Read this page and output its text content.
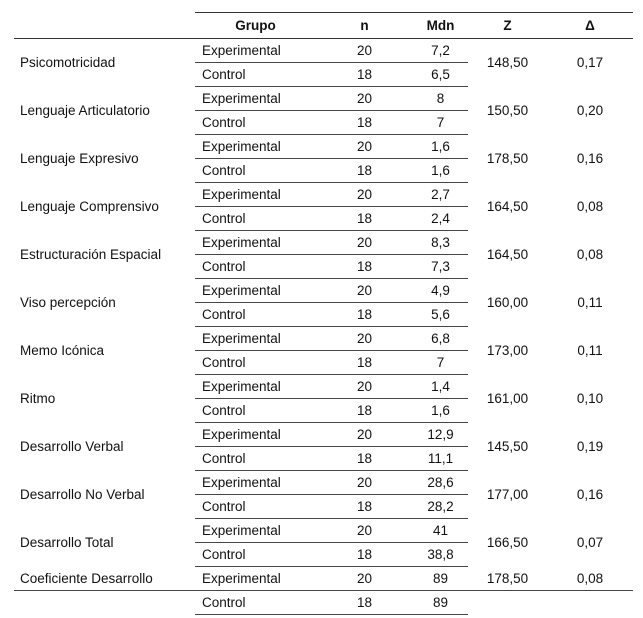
	Grupo	n	Mdn	Z	Δ
Psicomotricidad	Experimental	20	7,2	148,50	0,17
	Control	18	6,5		
Lenguaje Articulatorio	Experimental	20	8	150,50	0,20
	Control	18	7		
Lenguaje Expresivo	Experimental	20	1,6	178,50	0,16
	Control	18	1,6		
Lenguaje Comprensivo	Experimental	20	2,7	164,50	0,08
	Control	18	2,4		
Estructuración Espacial	Experimental	20	8,3	164,50	0,08
	Control	18	7,3		
Viso percepción	Experimental	20	4,9	160,00	0,11
	Control	18	5,6		
Memo Icónica	Experimental	20	6,8	173,00	0,11
	Control	18	7		
Ritmo	Experimental	20	1,4	161,00	0,10
	Control	18	1,6		
Desarrollo Verbal	Experimental	20	12,9	145,50	0,19
	Control	18	11,1		
Desarrollo No Verbal	Experimental	20	28,6	177,00	0,16
	Control	18	28,2		
Desarrollo Total	Experimental	20	41	166,50	0,07
	Control	18	38,8		
Coeficiente Desarrollo	Experimental	20	89	178,50	0,08
	Control	18	89		
